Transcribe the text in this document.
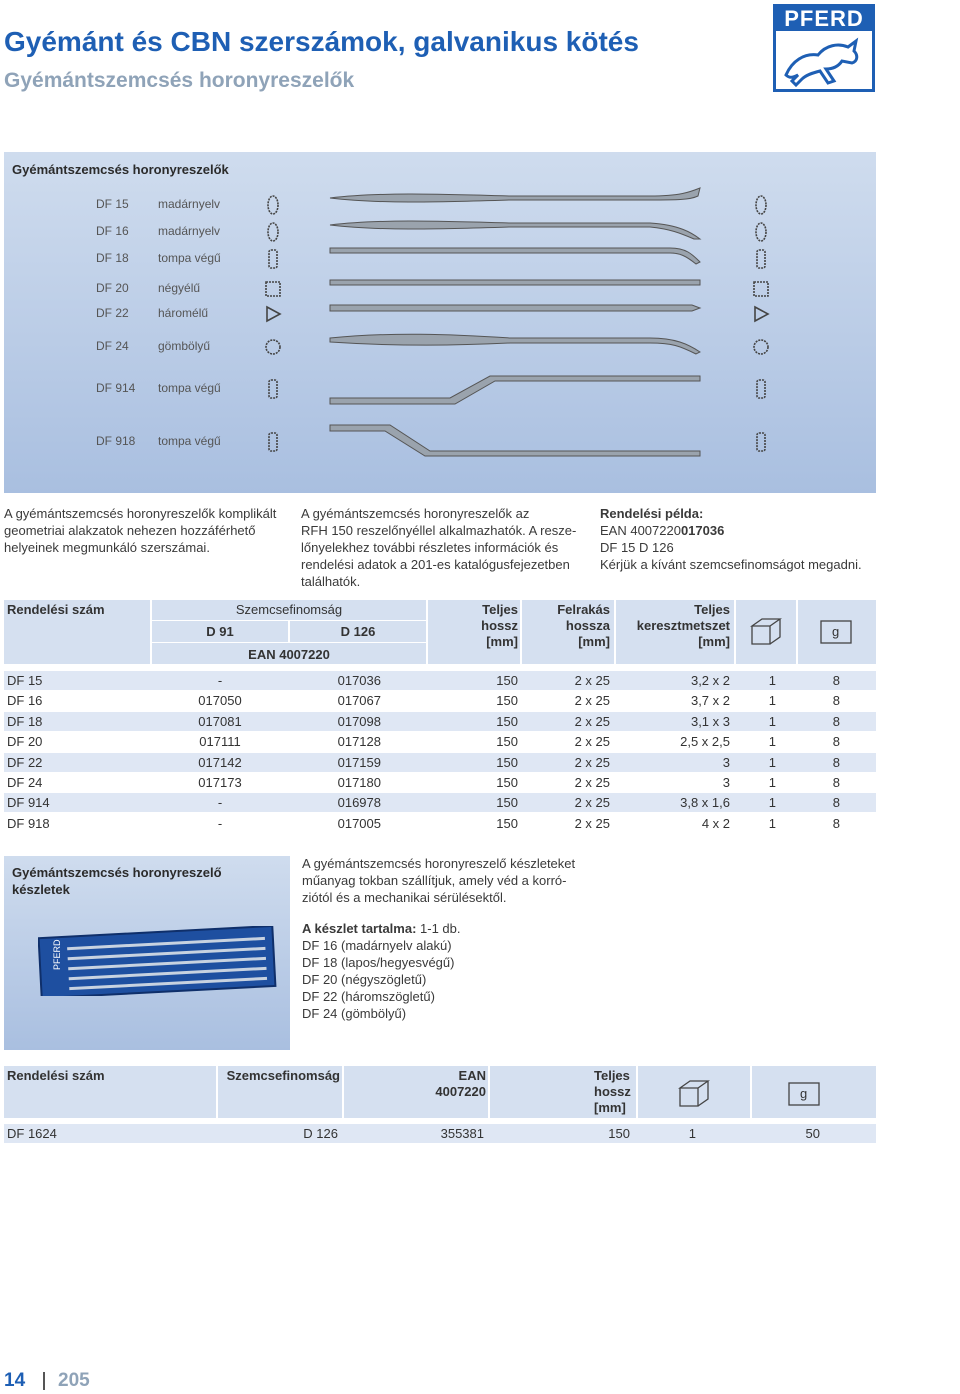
Gyémánt és CBN szerszámok, galvanikus kötés
Gyémántszemcsés horonyreszelők
PFERD
Gyémántszemcsés horonyreszelők
DF 15 madárnyelv
DF 16 madárnyelv
DF 18 tompa végű
DF 20 négyélű
DF 22 háromélű
DF 24 gömbölyű
DF 914 tompa végű
DF 918 tompa végű
A gyémántszemcsés horonyreszelők komplikált geometriai alakzatok nehezen hozzáférhető helyeinek megmunkáló szerszámai.
A gyémántszemcsés horonyreszelők az
RFH 150 reszelőnyéllel alkalmazhatók. A resze-
lőnyelekhez további részletes információk és
rendelési adatok a 201-es katalógusfejezetben
találhatók.
Rendelési példa:
EAN 4007220017036
DF 15 D 126
Kérjük a kívánt szemcsefinomságot megadni.
Rendelési szám	Szemcsefinomság
D 91	D 126
EAN 4007220
Teljes hossz [mm]
Felrakás hossza [mm]
Teljes keresztmetszet [mm]
g
DF 15	-	017036	150	2 x 25	3,2 x 2	1	8
DF 16	017050	017067	150	2 x 25	3,7 x 2	1	8
DF 18	017081	017098	150	2 x 25	3,1 x 3	1	8
DF 20	017111	017128	150	2 x 25	2,5 x 2,5	1	8
DF 22	017142	017159	150	2 x 25	3	1	8
DF 24	017173	017180	150	2 x 25	3	1	8
DF 914	-	016978	150	2 x 25	3,8 x 1,6	1	8
DF 918	-	017005	150	2 x 25	4 x 2	1	8
Gyémántszemcsés horonyreszelő készletek
PFERD
A gyémántszemcsés horonyreszelő készleteket
műanyag tokban szállítjuk, amely véd a korró-
ziótól és a mechanikai sérülésektől.
A készlet tartalma: 1-1 db.
DF 16 (madárnyelv alakú)
DF 18 (lapos/hegyesvégű)
DF 20 (négyszögletű)
DF 22 (háromszögletű)
DF 24 (gömbölyű)
Rendelési szám	Szemcsefinomság	EAN
4007220
Teljes
hossz
[mm]
g
DF 1624	D 126	355381	150	1	50
14 205
